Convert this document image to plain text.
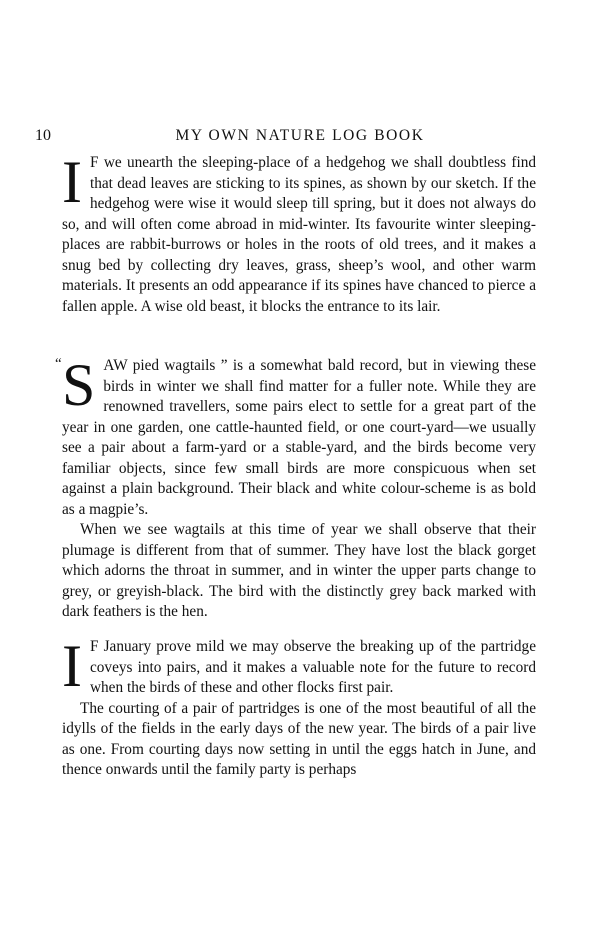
10	MY OWN NATURE LOG BOOK
I F we unearth the sleeping-place of a hedgehog we shall doubtless find that dead leaves are sticking to its spines, as shown by our sketch. If the hedgehog were wise it would sleep till spring, but it does not always do so, and will often come abroad in mid-winter. Its favourite winter sleeping-places are rabbit-burrows or holes in the roots of old trees, and it makes a snug bed by collecting dry leaves, grass, sheep’s wool, and other warm materials. It presents an odd appearance if its spines have chanced to pierce a fallen apple. A wise old beast, it blocks the entrance to its lair.

“ S AW pied wagtails ” is a somewhat bald record, but in viewing these birds in winter we shall find matter for a fuller note. While they are renowned travellers, some pairs elect to settle for a great part of the year in one garden, one cattle-haunted field, or one court-yard—we usually see a pair about a farm-yard or a stable-yard, and the birds become very familiar objects, since few small birds are more conspicuous when set against a plain background. Their black and white colour-scheme is as bold as a magpie’s.

When we see wagtails at this time of year we shall observe that their plumage is different from that of summer. They have lost the black gorget which adorns the throat in summer, and in winter the upper parts change to grey, or greyish-black. The bird with the distinctly grey back marked with dark feathers is the hen.

I F January prove mild we may observe the breaking up of the partridge coveys into pairs, and it makes a valuable note for the future to record when the birds of these and other flocks first pair.

The courting of a pair of partridges is one of the most beautiful of all the idylls of the fields in the early days of the new year. The birds of a pair live as one. From courting days now setting in until the eggs hatch in June, and thence onwards until the family party is perhaps
